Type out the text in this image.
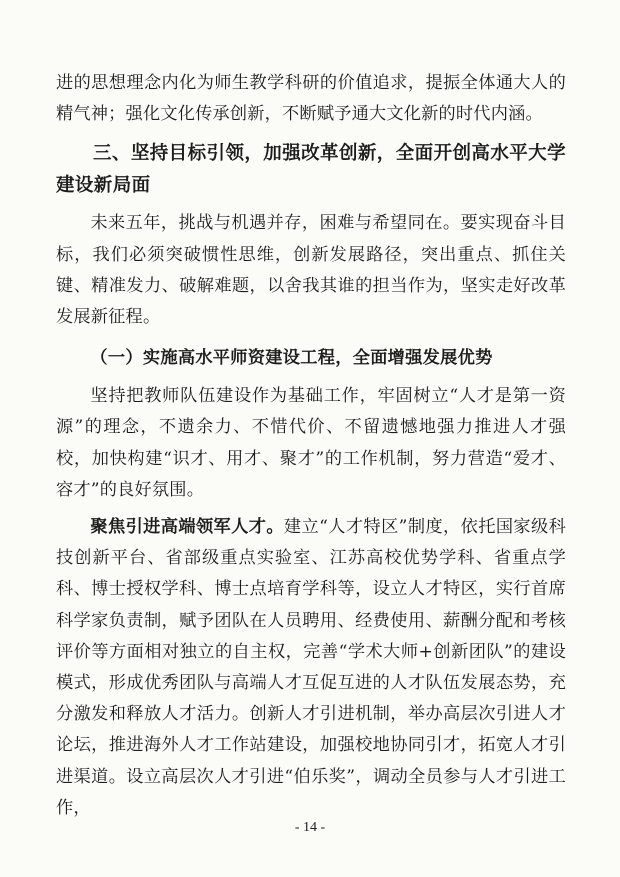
进的思想理念内化为师生教学科研的价值追求，提振全体通大人的精气神；强化文化传承创新，不断赋予通大文化新的时代内涵。

三、坚持目标引领，加强改革创新，全面开创高水平大学建设新局面

未来五年，挑战与机遇并存，困难与希望同在。要实现奋斗目标，我们必须突破惯性思维，创新发展路径，突出重点、抓住关键、精准发力、破解难题，以舍我其谁的担当作为，坚实走好改革发展新征程。

（一）实施高水平师资建设工程，全面增强发展优势

坚持把教师队伍建设作为基础工作，牢固树立“人才是第一资源”的理念，不遗余力、不惜代价、不留遗憾地强力推进人才强校，加快构建“识才、用才、聚才”的工作机制，努力营造“爱才、容才”的良好氛围。

聚焦引进高端领军人才。建立“人才特区”制度，依托国家级科技创新平台、省部级重点实验室、江苏高校优势学科、省重点学科、博士授权学科、博士点培育学科等，设立人才特区，实行首席科学家负责制，赋予团队在人员聘用、经费使用、薪酬分配和考核评价等方面相对独立的自主权，完善“学术大师+创新团队”的建设模式，形成优秀团队与高端人才互促互进的人才队伍发展态势，充分激发和释放人才活力。创新人才引进机制，举办高层次引进人才论坛，推进海外人才工作站建设，加强校地协同引才，拓宽人才引进渠道。设立高层次人才引进“伯乐奖”，调动全员参与人才引进工作，

- 14 -
